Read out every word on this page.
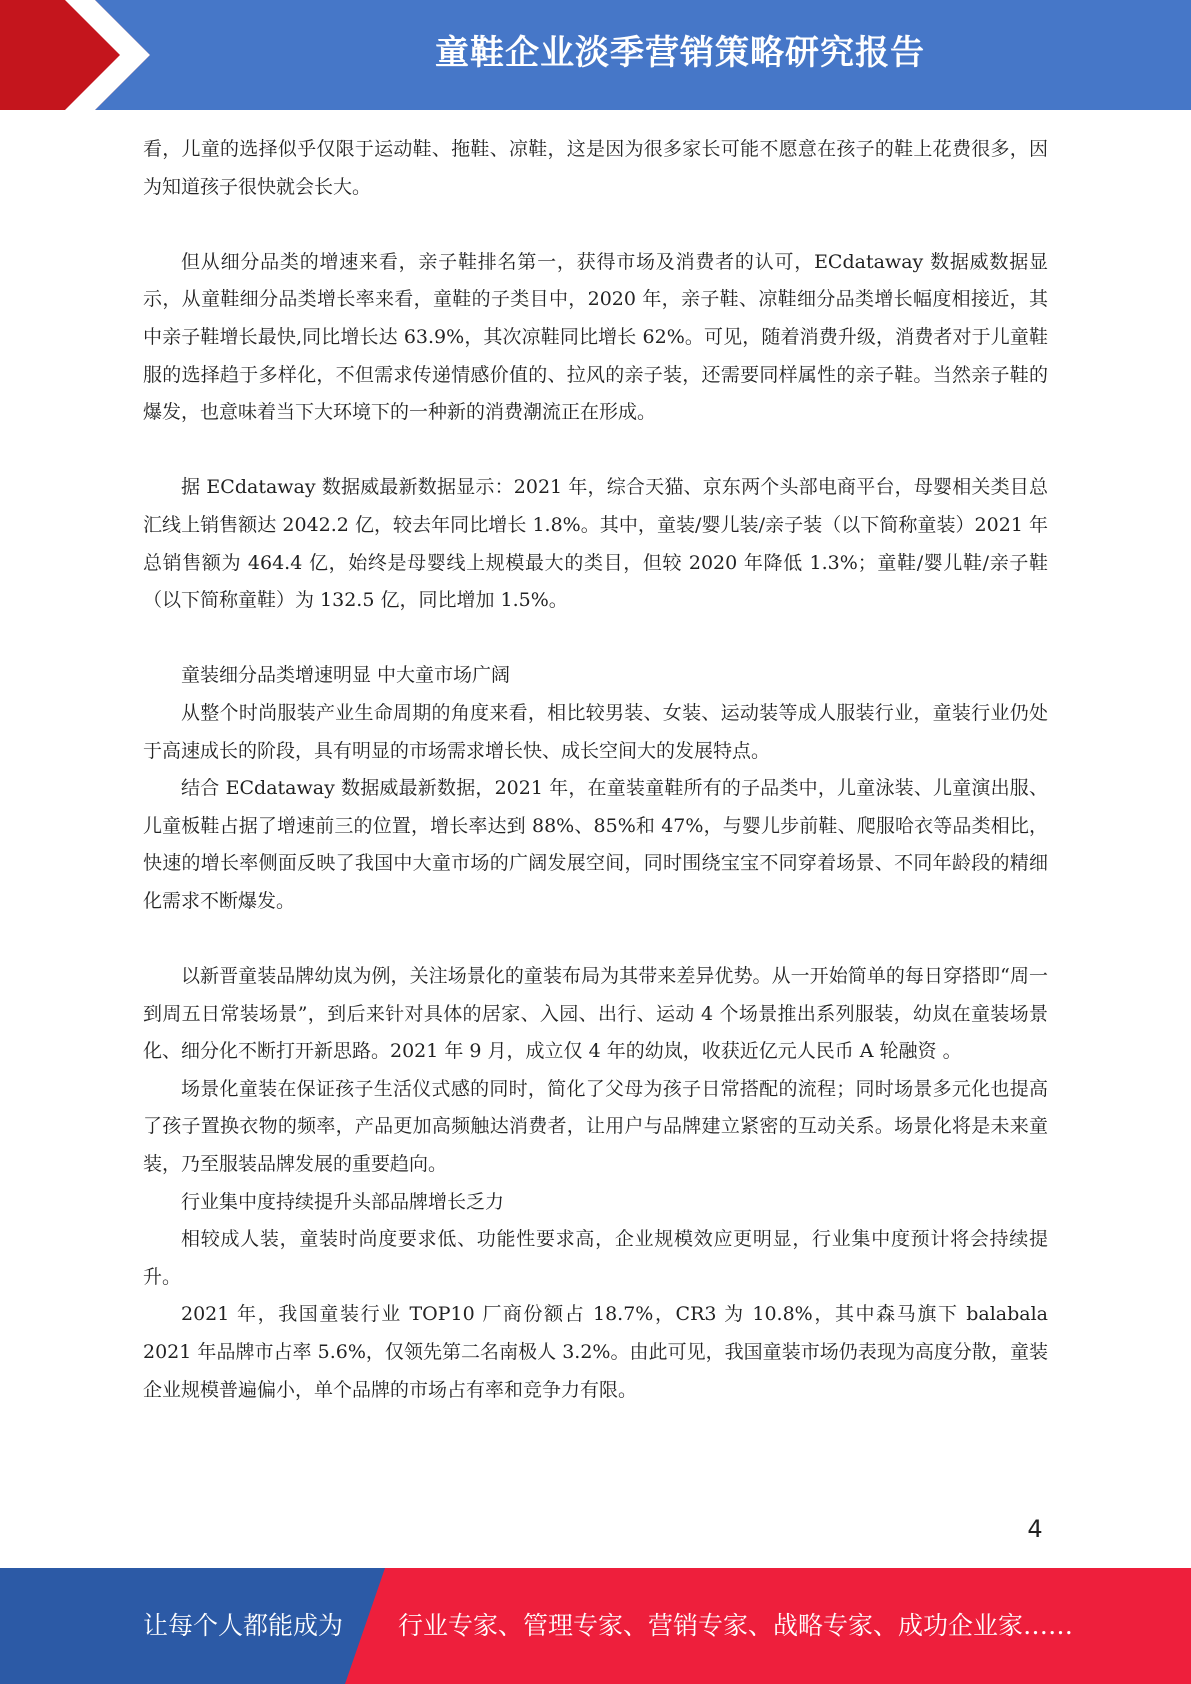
童鞋企业淡季营销策略研究报告

看，儿童的选择似乎仅限于运动鞋、拖鞋、凉鞋，这是因为很多家长可能不愿意在孩子的鞋上花费很多，因为知道孩子很快就会长大。

但从细分品类的增速来看，亲子鞋排名第一，获得市场及消费者的认可，ECdataway 数据威数据显示，从童鞋细分品类增长率来看，童鞋的子类目中，2020 年，亲子鞋、凉鞋细分品类增长幅度相接近，其中亲子鞋增长最快,同比增长达 63.9%，其次凉鞋同比增长 62%。可见，随着消费升级，消费者对于儿童鞋服的选择趋于多样化，不但需求传递情感价值的、拉风的亲子装，还需要同样属性的亲子鞋。当然亲子鞋的爆发，也意味着当下大环境下的一种新的消费潮流正在形成。

据 ECdataway 数据威最新数据显示：2021 年，综合天猫、京东两个头部电商平台，母婴相关类目总汇线上销售额达 2042.2 亿，较去年同比增长 1.8%。其中，童装/婴儿装/亲子装（以下简称童装）2021 年总销售额为 464.4 亿，始终是母婴线上规模最大的类目，但较 2020 年降低 1.3%；童鞋/婴儿鞋/亲子鞋（以下简称童鞋）为 132.5 亿，同比增加 1.5%。

童装细分品类增速明显 中大童市场广阔

从整个时尚服装产业生命周期的角度来看，相比较男装、女装、运动装等成人服装行业，童装行业仍处于高速成长的阶段，具有明显的市场需求增长快、成长空间大的发展特点。

结合 ECdataway 数据威最新数据，2021 年，在童装童鞋所有的子品类中，儿童泳装、儿童演出服、儿童板鞋占据了增速前三的位置，增长率达到 88%、85%和 47%，与婴儿步前鞋、爬服哈衣等品类相比，快速的增长率侧面反映了我国中大童市场的广阔发展空间，同时围绕宝宝不同穿着场景、不同年龄段的精细化需求不断爆发。

以新晋童装品牌幼岚为例，关注场景化的童装布局为其带来差异优势。从一开始简单的每日穿搭即“周一到周五日常装场景”，到后来针对具体的居家、入园、出行、运动 4 个场景推出系列服装，幼岚在童装场景化、细分化不断打开新思路。2021 年 9 月，成立仅 4 年的幼岚，收获近亿元人民币 A 轮融资 。

场景化童装在保证孩子生活仪式感的同时，简化了父母为孩子日常搭配的流程；同时场景多元化也提高了孩子置换衣物的频率，产品更加高频触达消费者，让用户与品牌建立紧密的互动关系。场景化将是未来童装，乃至服装品牌发展的重要趋向。

行业集中度持续提升头部品牌增长乏力

相较成人装，童装时尚度要求低、功能性要求高，企业规模效应更明显，行业集中度预计将会持续提升。

2021 年，我国童装行业 TOP10 厂商份额占 18.7%，CR3 为 10.8%，其中森马旗下 balabala 2021 年品牌市占率 5.6%，仅领先第二名南极人 3.2%。由此可见，我国童装市场仍表现为高度分散，童装企业规模普遍偏小，单个品牌的市场占有率和竞争力有限。

4
让每个人都能成为 行业专家、管理专家、营销专家、战略专家、成功企业家……
